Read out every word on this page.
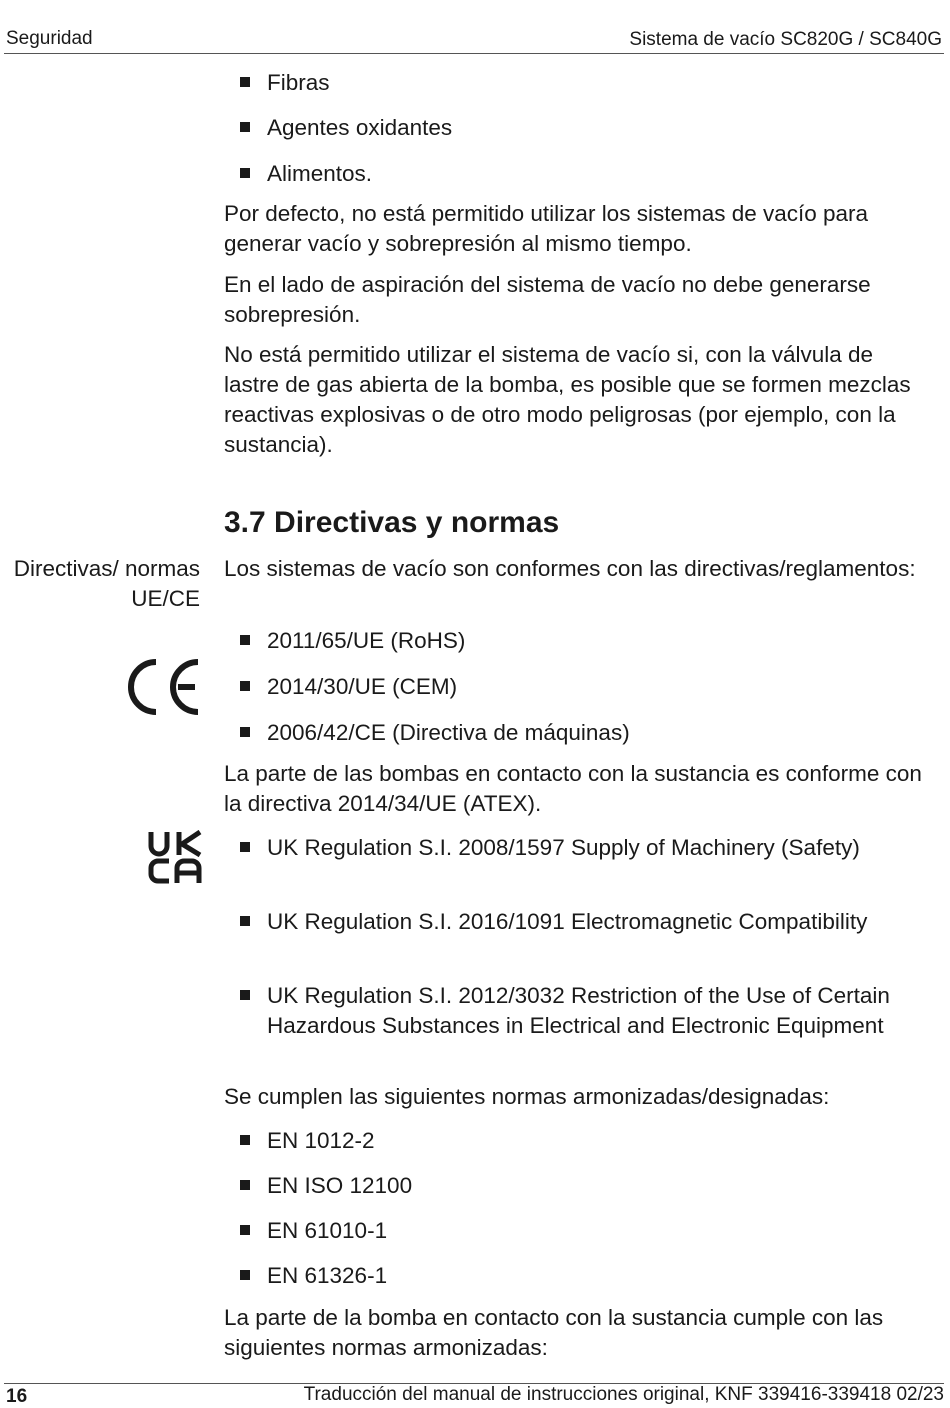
Seguridad	Sistema de vacío SC820G / SC840G
Fibras
Agentes oxidantes
Alimentos.

Por defecto, no está permitido utilizar los sistemas de vacío para generar vacío y sobrepresión al mismo tiempo.

En el lado de aspiración del sistema de vacío no debe generarse sobrepresión.

No está permitido utilizar el sistema de vacío si, con la válvula de lastre de gas abierta de la bomba, es posible que se formen mezclas reactivas explosivas o de otro modo peligrosas (por ejemplo, con la sustancia).

3.7 Directivas y normas
Directivas/ normas UE/CE

Los sistemas de vacío son conformes con las directivas/reglamentos:

2011/65/UE (RoHS)
2014/30/UE (CEM)
2006/42/CE (Directiva de máquinas)

La parte de las bombas en contacto con la sustancia es conforme con la directiva 2014/34/UE (ATEX).

UK Regulation S.I. 2008/1597 Supply of Machinery (Safety)
UK Regulation S.I. 2016/1091 Electromagnetic Compatibility
UK Regulation S.I. 2012/3032 Restriction of the Use of Certain Hazardous Substances in Electrical and Electronic Equipment

Se cumplen las siguientes normas armonizadas/designadas:

EN 1012-2
EN ISO 12100
EN 61010-1
EN 61326-1

La parte de la bomba en contacto con la sustancia cumple con las siguientes normas armonizadas:

16	Traducción del manual de instrucciones original, KNF 339416-339418 02/23
